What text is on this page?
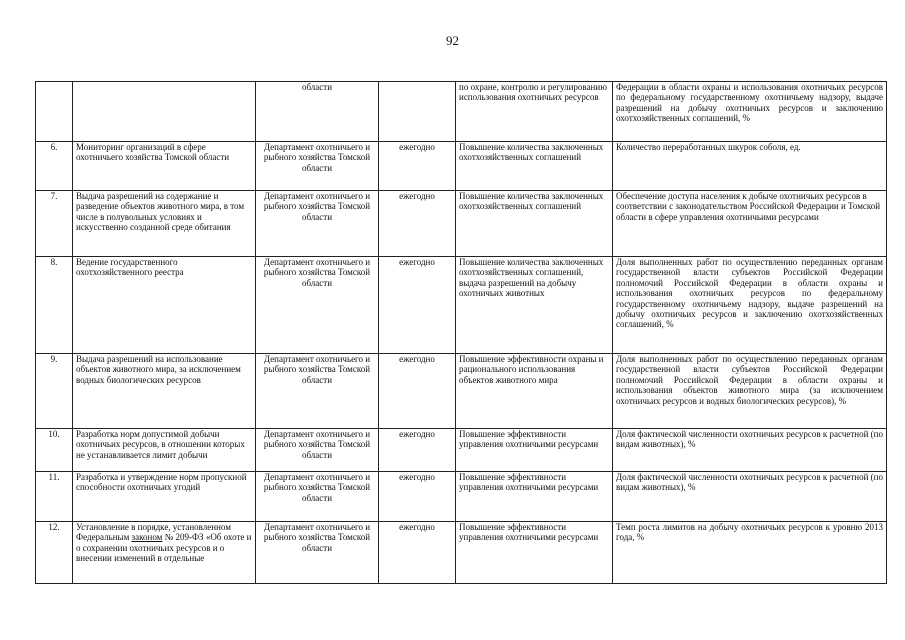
92
		области		по охране, контролю и регулированию использования охотничьих ресурсов	Федерации в области охраны и использования охотничьих ресурсов по федеральному государственному охотничьему надзору, выдаче разрешений на добычу охотничьих ресурсов и заключению охотхозяйственных соглашений, %
6.	Мониторинг организаций в сфере охотничьего хозяйства Томской области	Департамент охотничьего и рыбного хозяйства Томской области	ежегодно	Повышение количества заключенных охотхозяйственных соглашений	Количество переработанных шкурок соболя, ед.
7.	Выдача разрешений на содержание и разведение объектов животного мира, в том числе в полувольных условиях и искусственно созданной среде обитания	Департамент охотничьего и рыбного хозяйства Томской области	ежегодно	Повышение количества заключенных охотхозяйственных соглашений	Обеспечение доступа населения к добыче охотничьих ресурсов в соответствии с законодательством Российской Федерации и Томской области в сфере управления охотничьими ресурсами
8.	Ведение государственного охотхозяйственного реестра	Департамент охотничьего и рыбного хозяйства Томской области	ежегодно	Повышение количества заключенных охотхозяйственных соглашений, выдача разрешений на добычу охотничьих животных	Доля выполненных работ по осуществлению переданных органам государственной власти субъектов Российской Федерации полномочий Российской Федерации в области охраны и использования охотничьих ресурсов по федеральному государственному охотничьему надзору, выдаче разрешений на добычу охотничьих ресурсов и заключению охотхозяйственных соглашений, %
9.	Выдача разрешений на использование объектов животного мира, за исключением водных биологических ресурсов	Департамент охотничьего и рыбного хозяйства Томской области	ежегодно	Повышение эффективности охраны и рационального использования объектов животного мира	Доля выполненных работ по осуществлению переданных органам государственной власти субъектов Российской Федерации полномочий Российской Федерации в области охраны и использования объектов животного мира (за исключением охотничьих ресурсов и водных биологических ресурсов), %
10.	Разработка норм допустимой добычи охотничьих ресурсов, в отношении которых не устанавливается лимит добычи	Департамент охотничьего и рыбного хозяйства Томской области	ежегодно	Повышение эффективности управления охотничьими ресурсами	Доля фактической численности охотничьих ресурсов к расчетной (по видам животных), %
11.	Разработка и утверждение норм пропускной способности охотничьих угодий	Департамент охотничьего и рыбного хозяйства Томской области	ежегодно	Повышение эффективности управления охотничьими ресурсами	Доля фактической численности охотничьих ресурсов к расчетной (по видам животных), %
12.	Установление в порядке, установленном Федеральным законом № 209-ФЗ «Об охоте и о сохранении охотничьих ресурсов и о внесении изменений в отдельные	Департамент охотничьего и рыбного хозяйства Томской области	ежегодно	Повышение эффективности управления охотничьими ресурсами	Темп роста лимитов на добычу охотничьих ресурсов к уровню 2013 года, %
